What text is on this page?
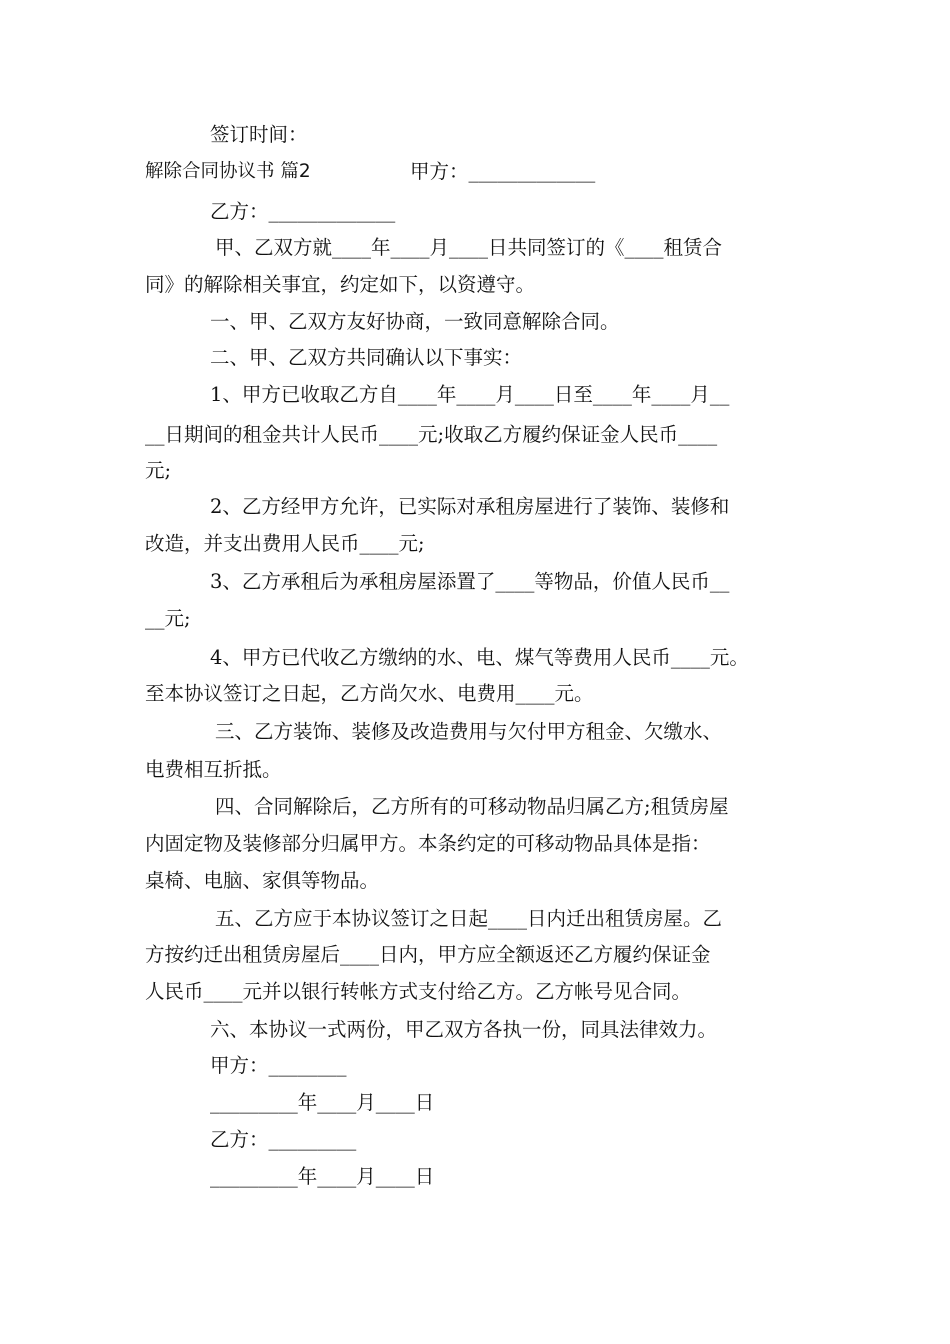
签订时间：
解除合同协议书 篇2	甲方：_____________
乙方：_____________
甲、乙双方就____年____月____日共同签订的《____租赁合
同》的解除相关事宜，约定如下，以资遵守。
一、甲、乙双方友好协商，一致同意解除合同。
二、甲、乙双方共同确认以下事实：
1、甲方已收取乙方自____年____月____日至____年____月__
__日期间的租金共计人民币____元;收取乙方履约保证金人民币____
元;
2、乙方经甲方允许，已实际对承租房屋进行了装饰、装修和
改造，并支出费用人民币____元;
3、乙方承租后为承租房屋添置了____等物品，价值人民币__
__元;
4、甲方已代收乙方缴纳的水、电、煤气等费用人民币____元。
至本协议签订之日起，乙方尚欠水、电费用____元。
三、乙方装饰、装修及改造费用与欠付甲方租金、欠缴水、
电费相互折抵。
四、合同解除后，乙方所有的可移动物品归属乙方;租赁房屋
内固定物及装修部分归属甲方。本条约定的可移动物品具体是指：
桌椅、电脑、家俱等物品。
五、乙方应于本协议签订之日起____日内迁出租赁房屋。乙
方按约迁出租赁房屋后____日内，甲方应全额返还乙方履约保证金
人民币____元并以银行转帐方式支付给乙方。乙方帐号见合同。
六、本协议一式两份，甲乙双方各执一份，同具法律效力。
甲方：________
_________年____月____日
乙方：_________
_________年____月____日
